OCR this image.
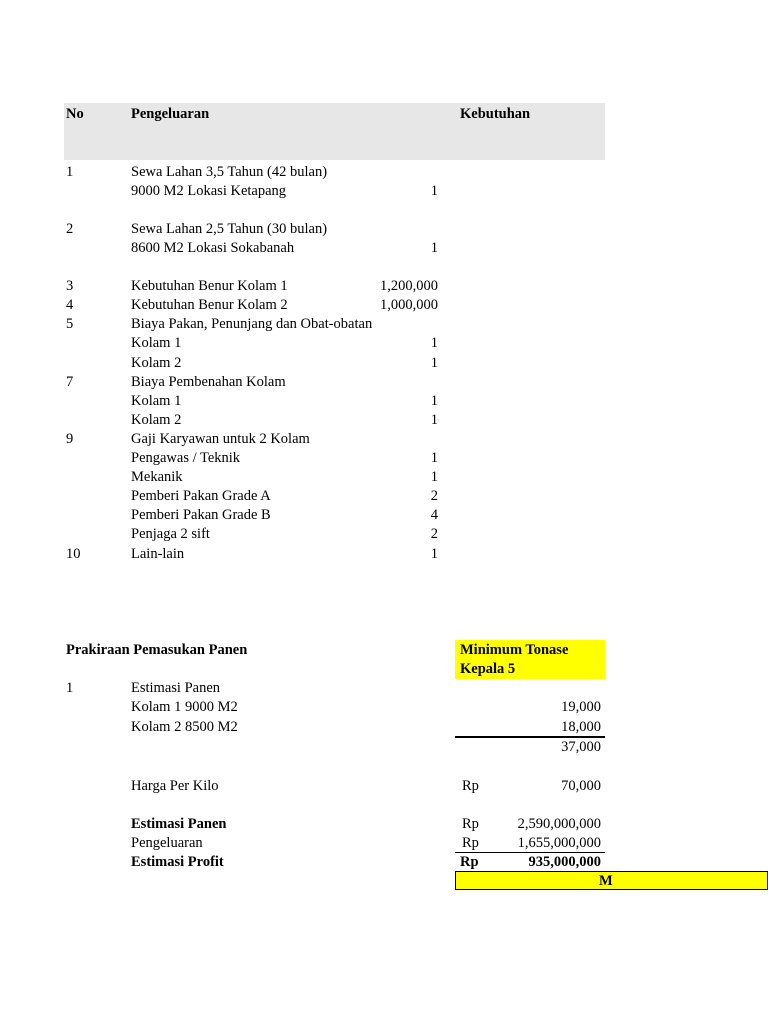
No	Pengeluaran	Kebutuhan
1	Sewa Lahan 3,5 Tahun (42 bulan)
9000 M2 Lokasi Ketapang	1
2	Sewa Lahan 2,5 Tahun (30 bulan)
8600 M2 Lokasi Sokabanah	1
3	Kebutuhan Benur Kolam 1	1,200,000
4	Kebutuhan Benur Kolam 2	1,000,000
5	Biaya Pakan, Penunjang dan Obat-obatan
Kolam 1	1
Kolam 2	1
7	Biaya Pembenahan Kolam
Kolam 1	1
Kolam 2	1
9	Gaji Karyawan untuk 2 Kolam
Pengawas / Teknik	1
Mekanik	1
Pemberi Pakan Grade A	2
Pemberi Pakan Grade B	4
Penjaga 2 sift	2
10	Lain-lain	1
Prakiraan Pemasukan Panen	Minimum Tonase
Kepala 5
1	Estimasi Panen
Kolam 1 9000 M2	19,000
Kolam 2 8500 M2	18,000
37,000
Harga Per Kilo	Rp	70,000
Estimasi Panen	Rp	2,590,000,000
Pengeluaran	Rp	1,655,000,000
Estimasi Profit	Rp	935,000,000
M
